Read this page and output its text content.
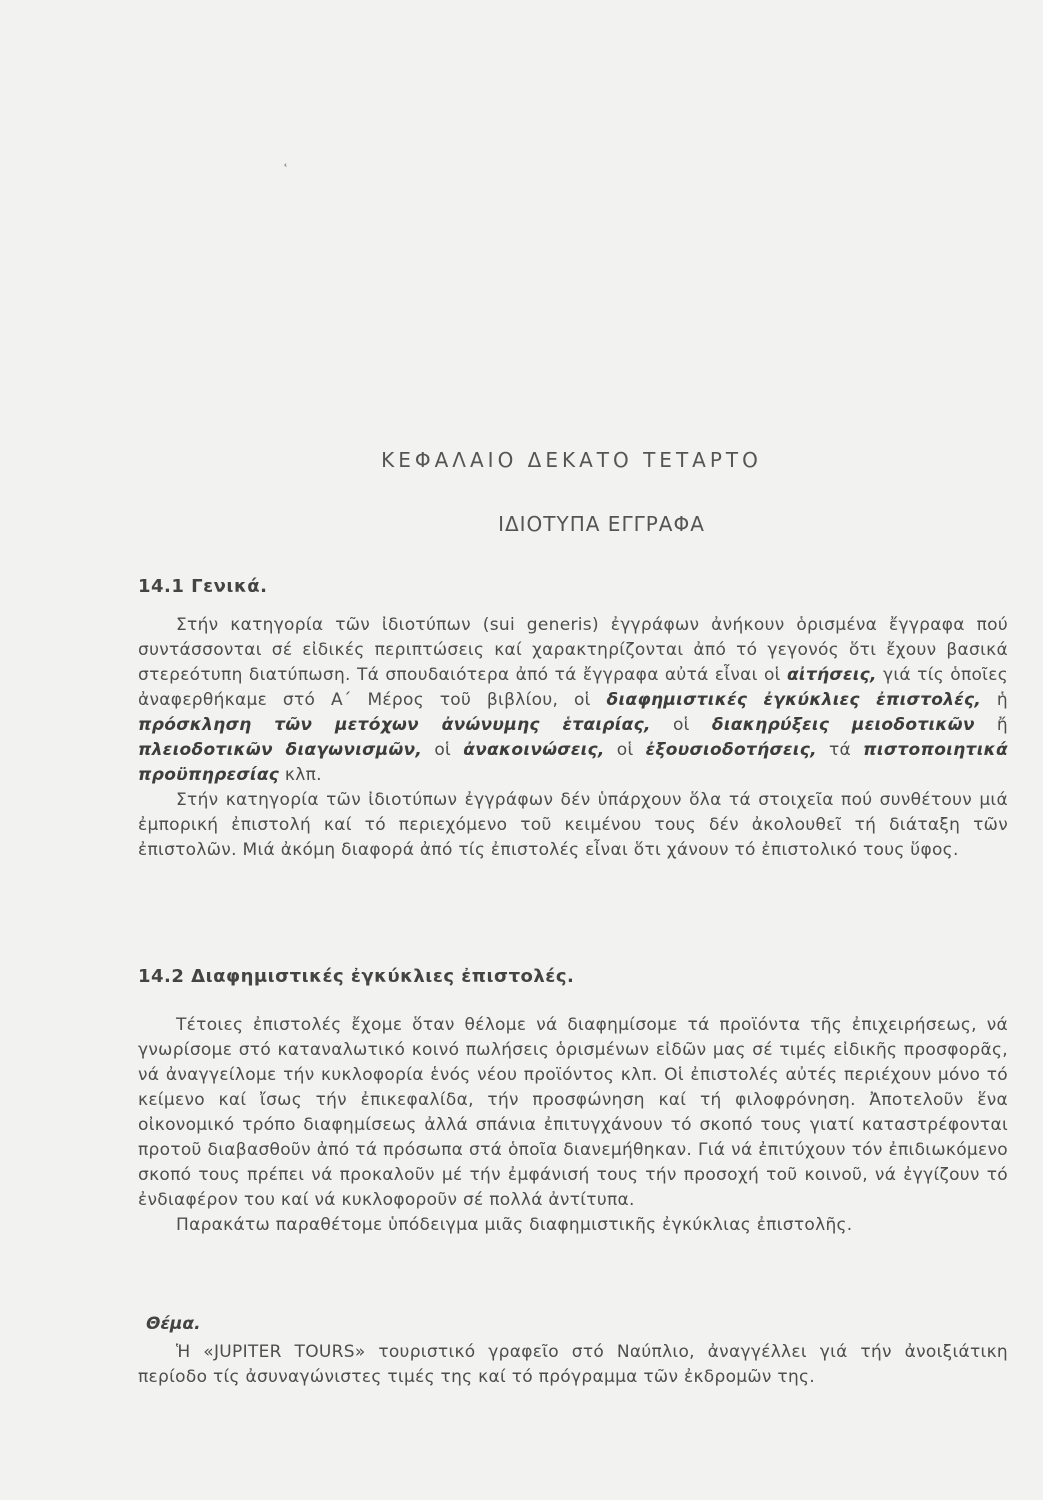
˛
ΚΕΦΑΛΑΙΟ ΔΕΚΑΤΟ ΤΕΤΑΡΤΟ
ΙΔΙΟΤΥΠΑ ΕΓΓΡΑΦΑ
14.1 Γενικά.

Στήν κατηγορία τῶν ἰδιοτύπων (sui generis) ἐγγράφων ἀνήκουν ὁρισμένα ἔγγραφα πού συντάσσονται σέ εἰδικές περιπτώσεις καί χαρακτηρίζονται ἀπό τό γεγονός ὅτι ἔχουν βασικά στερεότυπη διατύπωση. Τά σπουδαιότερα ἀπό τά ἔγγραφα αὐτά εἶναι οἱ αἰτήσεις, γιά τίς ὁποῖες ἀναφερθήκαμε στό Α΄ Μέρος τοῦ βιβλίου, οἱ διαφημιστικές ἐγκύκλιες ἐπιστολές, ἡ πρόσκληση τῶν μετόχων ἀνώνυμης ἑταιρίας, οἱ διακηρύξεις μειοδοτικῶν ἤ πλειοδοτικῶν διαγωνισμῶν, οἱ ἀνακοινώσεις, οἱ ἐξουσιοδοτήσεις, τά πιστοποιητικά προϋπηρεσίας κλπ.

Στήν κατηγορία τῶν ἰδιοτύπων ἐγγράφων δέν ὑπάρχουν ὅλα τά στοιχεῖα πού συνθέτουν μιά ἐμπορική ἐπιστολή καί τό περιεχόμενο τοῦ κειμένου τους δέν ἀκολουθεῖ τή διάταξη τῶν ἐπιστολῶν. Μιά ἀκόμη διαφορά ἀπό τίς ἐπιστολές εἶναι ὅτι χάνουν τό ἐπιστολικό τους ὕφος.

14.2 Διαφημιστικές ἐγκύκλιες ἐπιστολές.

Τέτοιες ἐπιστολές ἔχομε ὅταν θέλομε νά διαφημίσομε τά προϊόντα τῆς ἐπιχειρήσεως, νά γνωρίσομε στό καταναλωτικό κοινό πωλήσεις ὁρισμένων εἰδῶν μας σέ τιμές εἰδικῆς προσφορᾶς, νά ἀναγγείλομε τήν κυκλοφορία ἑνός νέου προϊόντος κλπ. Οἱ ἐπιστολές αὐτές περιέχουν μόνο τό κείμενο καί ἴσως τήν ἐπικεφαλίδα, τήν προσφώνηση καί τή φιλοφρόνηση. Ἀποτελοῦν ἕνα οἰκονομικό τρόπο διαφημίσεως ἀλλά σπάνια ἐπιτυγχάνουν τό σκοπό τους γιατί καταστρέφονται προτοῦ διαβασθοῦν ἀπό τά πρόσωπα στά ὁποῖα διανεμήθηκαν. Γιά νά ἐπιτύχουν τόν ἐπιδιωκόμενο σκοπό τους πρέπει νά προκαλοῦν μέ τήν ἐμφάνισή τους τήν προσοχή τοῦ κοινοῦ, νά ἐγγίζουν τό ἐνδιαφέρον του καί νά κυκλοφοροῦν σέ πολλά ἀντίτυπα.

Παρακάτω παραθέτομε ὑπόδειγμα μιᾶς διαφημιστικῆς ἐγκύκλιας ἐπιστολῆς.

Θέμα.

Ἡ «JUPITER TOURS» τουριστικό γραφεῖο στό Ναύπλιο, ἀναγγέλλει γιά τήν ἀνοιξιάτικη περίοδο τίς ἀσυναγώνιστες τιμές της καί τό πρόγραμμα τῶν ἐκδρομῶν της.
